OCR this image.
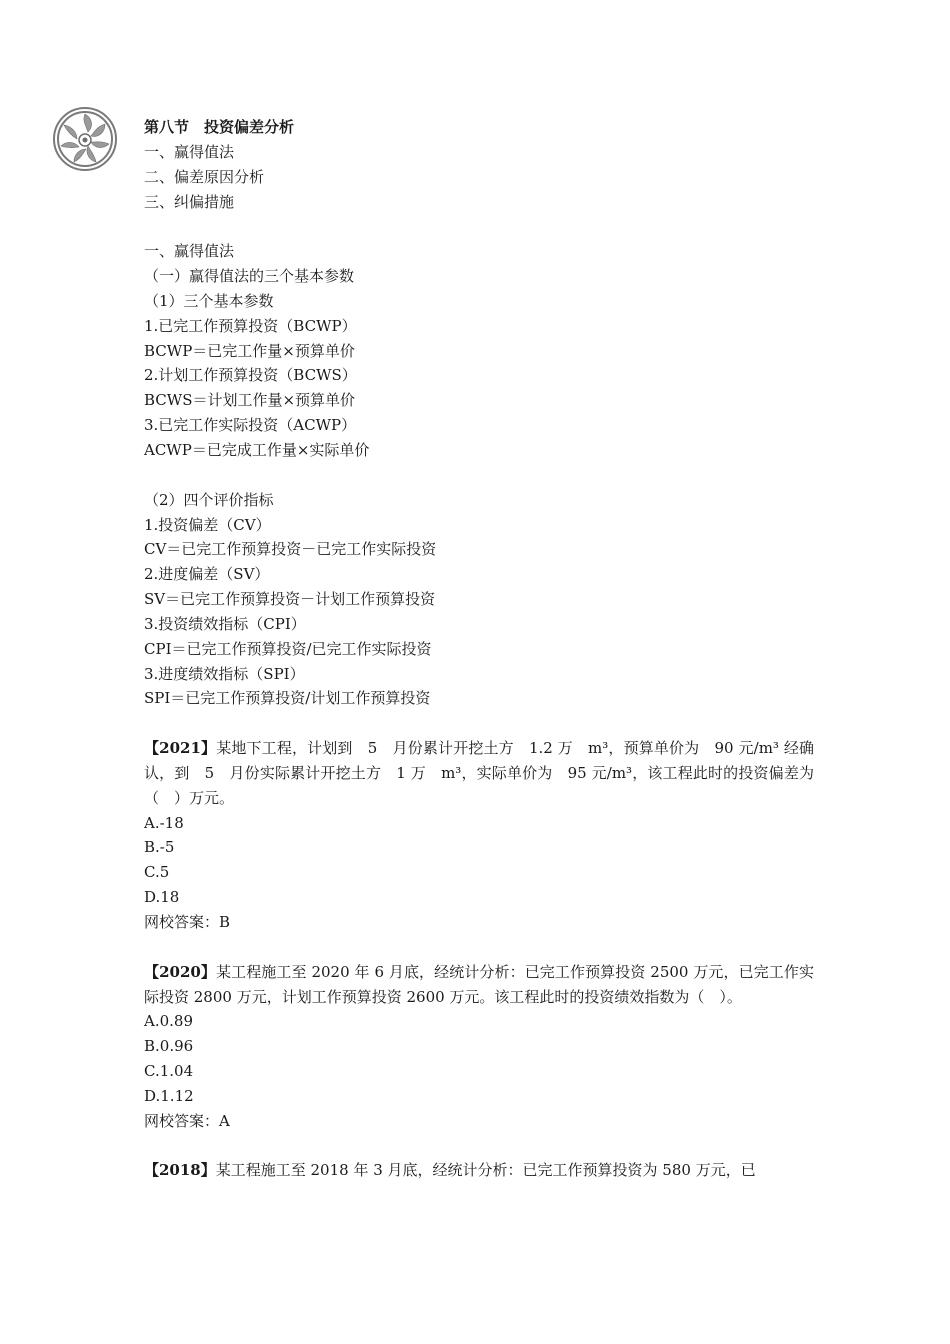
第八节　投资偏差分析
一、赢得值法
二、偏差原因分析
三、纠偏措施
一、赢得值法
（一）赢得值法的三个基本参数
（1）三个基本参数
1.已完工作预算投资（BCWP）
BCWP＝已完工作量×预算单价
2.计划工作预算投资（BCWS）
BCWS＝计划工作量×预算单价
3.已完工作实际投资（ACWP）
ACWP＝已完成工作量×实际单价
（2）四个评价指标
1.投资偏差（CV）
CV＝已完工作预算投资－已完工作实际投资
2.进度偏差（SV）
SV＝已完工作预算投资－计划工作预算投资
3.投资绩效指标（CPI）
CPI＝已完工作预算投资/已完工作实际投资
3.进度绩效指标（SPI）
SPI＝已完工作预算投资/计划工作预算投资
【2021】某地下工程，计划到　5　月份累计开挖土方　1.2 万　m³，预算单价为　90 元/m³ 经确认，到　5　月份实际累计开挖土方　1 万　m³，实际单价为　95 元/m³，该工程此时的投资偏差为（　）万元。
A.-18
B.-5
C.5
D.18
网校答案：B
【2020】某工程施工至 2020 年 6 月底，经统计分析：已完工作预算投资 2500 万元，已完工作实际投资 2800 万元，计划工作预算投资 2600 万元。该工程此时的投资绩效指数为（　）。
A.0.89
B.0.96
C.1.04
D.1.12
网校答案：A
【2018】某工程施工至 2018 年 3 月底，经统计分析：已完工作预算投资为 580 万元，已
